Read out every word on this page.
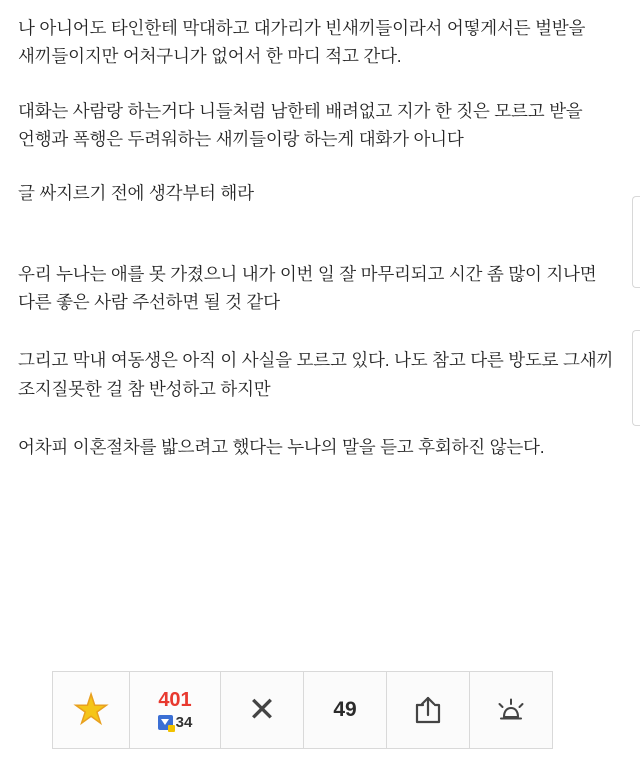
나 아니어도 타인한테 막대하고 대가리가 빈새끼들이라서 어떻게서든 벌받을 새끼들이지만 어처구니가 없어서 한 마디 적고 간다.

대화는 사람랑 하는거다 니들처럼 남한테 배려없고 지가 한 짓은 모르고 받을 언행과 폭행은 두려워하는 새끼들이랑 하는게 대화가 아니다

글 싸지르기 전에 생각부터 해라

우리 누나는 애를 못 가졌으니 내가 이번 일 잘 마무리되고 시간 좀 많이 지나면 다른 좋은 사람 주선하면 될 것 같다

그리고 막내 여동생은 아직 이 사실을 모르고 있다. 나도 참고 다른 방도로 그새끼 조지질못한 걸 참 반성하고 하지만

어차피 이혼절차를 밟으려고 했다는 누나의 말을 듣고 후회하진 않는다.

★ 401
34 ✕	49
